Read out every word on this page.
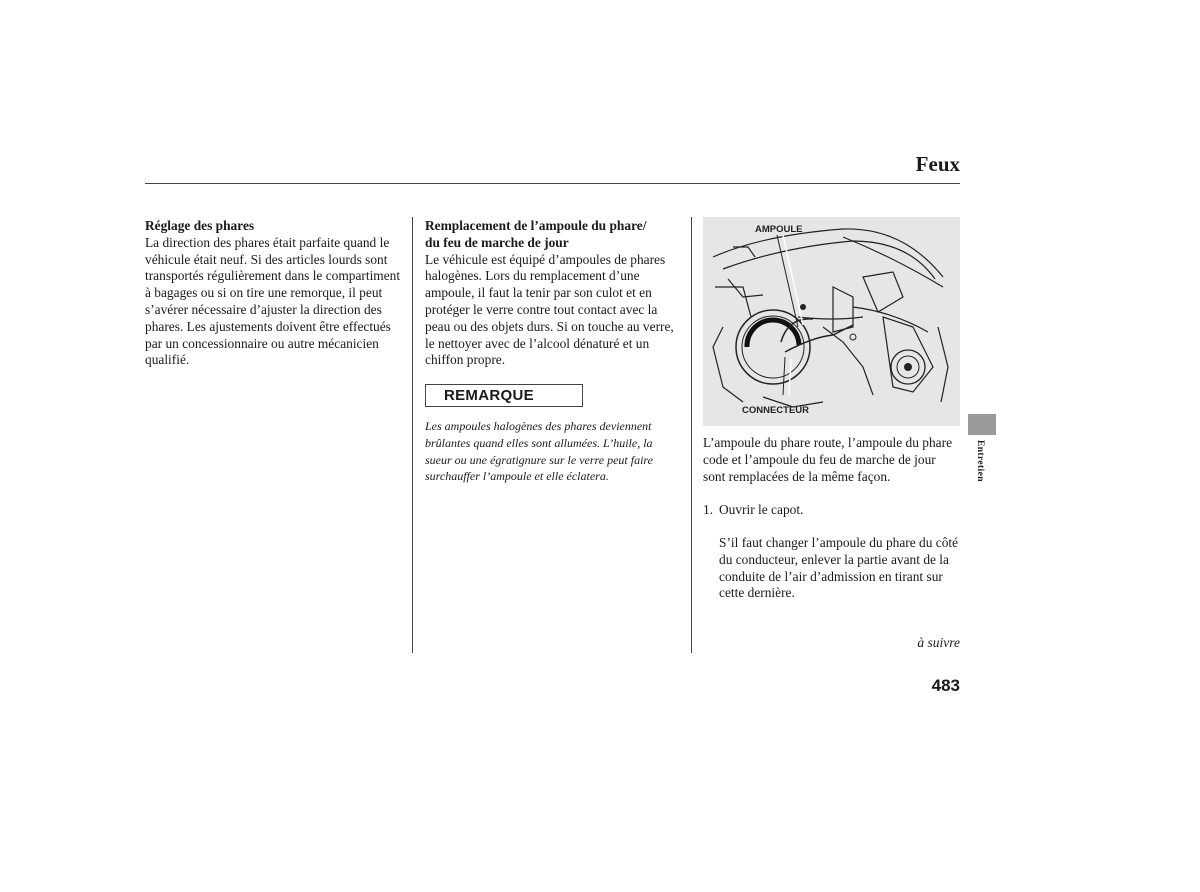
Feux

Réglage des phares

La direction des phares était parfaite quand le véhicule était neuf. Si des articles lourds sont transportés régulièrement dans le compartiment à bagages ou si on tire une remorque, il peut s’avérer nécessaire d’ajuster la direction des phares. Les ajustements doivent être effectués par un concessionnaire ou autre mécanicien qualifié.

Remplacement de l’ampoule du phare/

du feu de marche de jour

Le véhicule est équipé d’ampoules de phares halogènes. Lors du remplacement d’une ampoule, il faut la tenir par son culot et en protéger le verre contre tout contact avec la peau ou des objets durs. Si on touche au verre, le nettoyer avec de l’alcool dénaturé et un chiffon propre.

REMARQUE
Les ampoules halogènes des phares deviennent brûlantes quand elles sont allumées. L’huile, la sueur ou une égratignure sur le verre peut faire surchauffer l’ampoule et elle éclatera.
AMPOULE
CONNECTEUR

L’ampoule du phare route, l’ampoule du phare code et l’ampoule du feu de marche de jour sont remplacées de la même façon.

1. Ouvrir le capot.
S’il faut changer l’ampoule du phare du côté du conducteur, enlever la partie avant de la conduite de l’air d’admission en tirant sur cette dernière.
Entretien
à suivre
483
